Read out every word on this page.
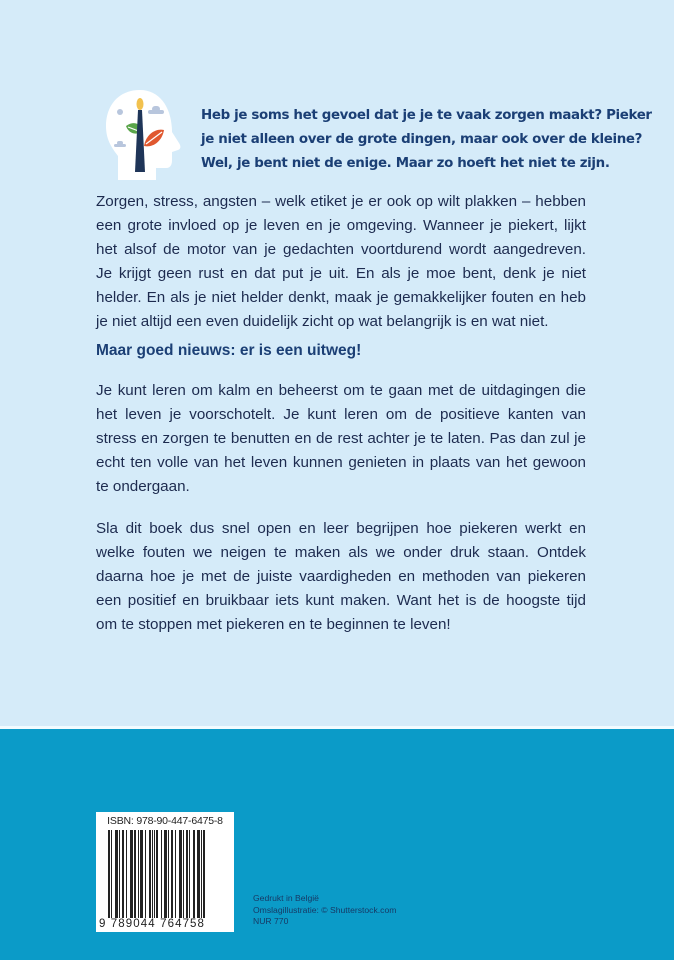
Heb je soms het gevoel dat je je te vaak zorgen maakt? Pieker
je niet alleen over de grote dingen, maar ook over de kleine?
Wel, je bent niet de enige. Maar zo hoeft het niet te zijn.
Zorgen, stress, angsten – welk etiket je er ook op wilt plakken – hebben
een grote invloed op je leven en je omgeving. Wanneer je piekert, lijkt
het alsof de motor van je gedachten voortdurend wordt aangedreven.
Je krijgt geen rust en dat put je uit. En als je moe bent, denk je niet
helder. En als je niet helder denkt, maak je gemakkelijker fouten en heb
je niet altijd een even duidelijk zicht op wat belangrijk is en wat niet.
Maar goed nieuws: er is een uitweg!
Je kunt leren om kalm en beheerst om te gaan met de uitdagingen die
het leven je voorschotelt. Je kunt leren om de positieve kanten van
stress en zorgen te benutten en de rest achter je te laten. Pas dan zul je
echt ten volle van het leven kunnen genieten in plaats van het gewoon
te ondergaan.
Sla dit boek dus snel open en leer begrijpen hoe piekeren werkt en
welke fouten we neigen te maken als we onder druk staan. Ontdek
daarna hoe je met de juiste vaardigheden en methoden van piekeren
een positief en bruikbaar iets kunt maken. Want het is de hoogste tijd
om te stoppen met piekeren en te beginnen te leven!
ISBN: 978-90-447-6475-8
9 789044 764758
Gedrukt in België
Omslagillustratie: © Shutterstock.com
NUR 770
